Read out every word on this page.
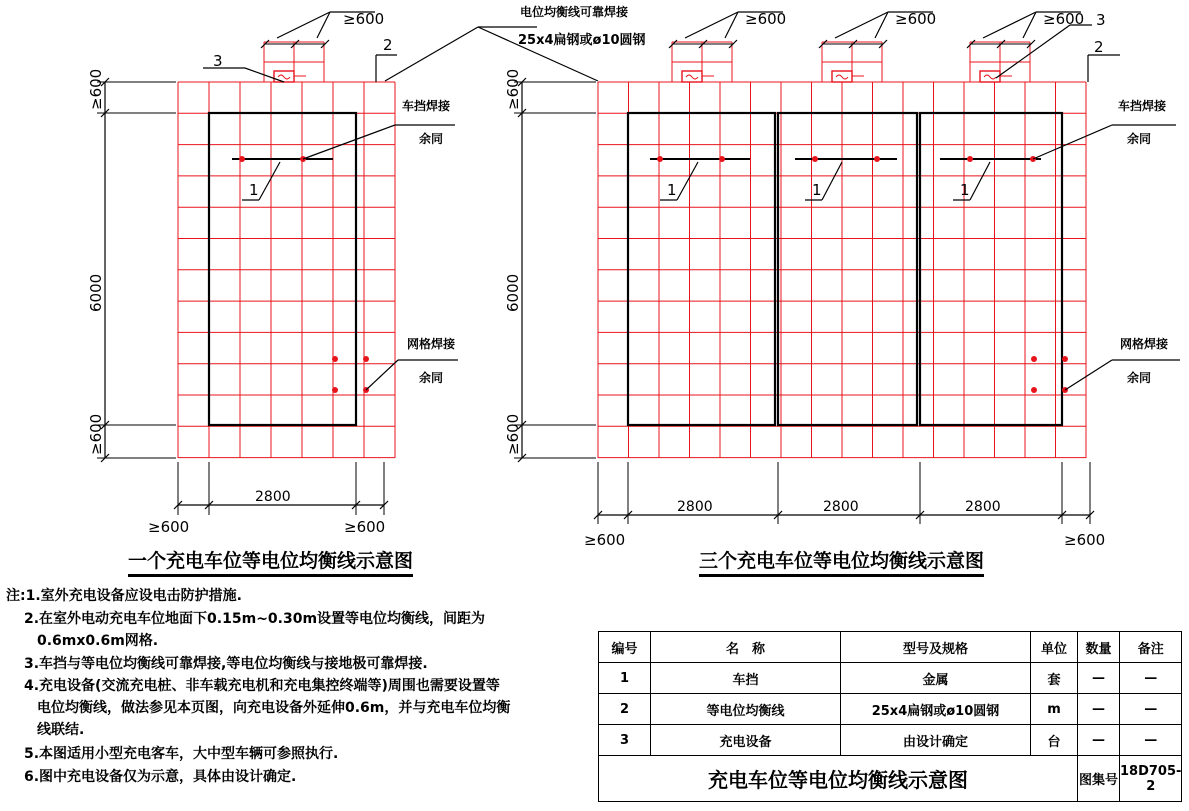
≥600	≥600	≥600	≥600
3
3
2	2
电位均衡线可靠焊接
25x4扁钢或ø10圆钢
车挡焊接
余同
车挡焊接
余同
网格焊接
余同
网格焊接
余同
1	1	1	1
2800
2800	2800	2800
≥600	≥600
≥600	≥600
≥600
6000
≥600
≥600
6000
≥600
一个充电车位等电位均衡线示意图	三个充电车位等电位均衡线示意图
注:1.室外充电设备应设电击防护措施.
2.在室外电动充电车位地面下0.15m~0.30m设置等电位均衡线，间距为
0.6mx0.6m网格.
3.车挡与等电位均衡线可靠焊接,等电位均衡线与接地极可靠焊接.
4.充电设备(交流充电桩、非车载充电机和充电集控终端等)周围也需要设置等
电位均衡线，做法参见本页图，向充电设备外延伸0.6m，并与充电车位均衡
线联结.
5.本图适用小型充电客车，大中型车辆可参照执行.
6.图中充电设备仅为示意，具体由设计确定.
编号	名　称	型号及规格	单位	数量	备注
1	车挡	金属	套	—	—
2	等电位均衡线	25x4扁钢或ø10圆钢	m	—	—
3	充电设备	由设计确定	台	—	—
充电车位等电位均衡线示意图				图集号	18D705-2
